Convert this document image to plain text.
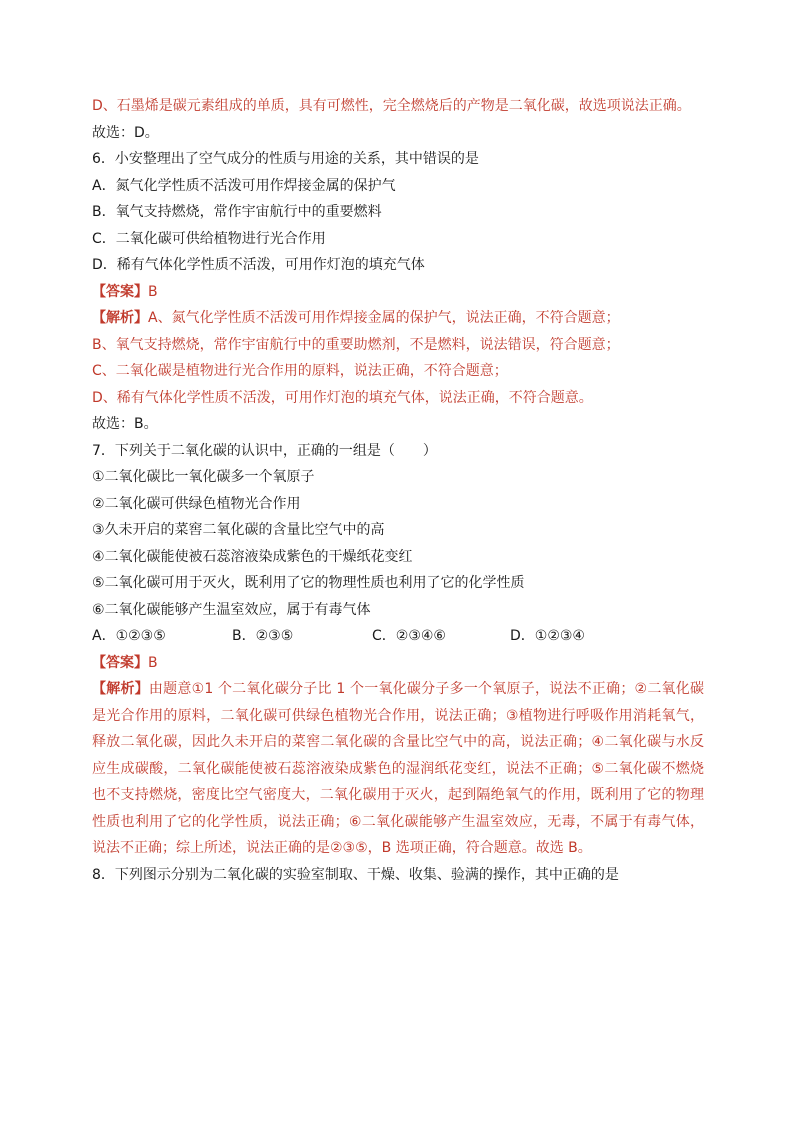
D、石墨烯是碳元素组成的单质，具有可燃性，完全燃烧后的产物是二氧化碳，故选项说法正确。
故选：D。
6．小安整理出了空气成分的性质与用途的关系，其中错误的是
A．氮气化学性质不活泼可用作焊接金属的保护气
B．氧气支持燃烧，常作宇宙航行中的重要燃料
C．二氧化碳可供给植物进行光合作用
D．稀有气体化学性质不活泼，可用作灯泡的填充气体
【答案】B
【解析】A、氮气化学性质不活泼可用作焊接金属的保护气，说法正确，不符合题意；
B、氧气支持燃烧，常作宇宙航行中的重要助燃剂，不是燃料，说法错误，符合题意；
C、二氧化碳是植物进行光合作用的原料，说法正确，不符合题意；
D、稀有气体化学性质不活泼，可用作灯泡的填充气体，说法正确，不符合题意。
故选：B。
7．下列关于二氧化碳的认识中，正确的一组是（　　）
①二氧化碳比一氧化碳多一个氧原子
②二氧化碳可供绿色植物光合作用
③久未开启的菜窖二氧化碳的含量比空气中的高
④二氧化碳能使被石蕊溶液染成紫色的干燥纸花变红
⑤二氧化碳可用于灭火，既利用了它的物理性质也利用了它的化学性质
⑥二氧化碳能够产生温室效应，属于有毒气体
A．①②③⑤	B．②③⑤	C．②③④⑥	D．①②③④
【答案】B
【解析】由题意①1 个二氧化碳分子比 1 个一氧化碳分子多一个氧原子，说法不正确；②二氧化碳是光合作用的原料，二氧化碳可供绿色植物光合作用，说法正确；③植物进行呼吸作用消耗氧气，释放二氧化碳，因此久未开启的菜窖二氧化碳的含量比空气中的高，说法正确；④二氧化碳与水反应生成碳酸，二氧化碳能使被石蕊溶液染成紫色的湿润纸花变红，说法不正确；⑤二氧化碳不燃烧也不支持燃烧，密度比空气密度大，二氧化碳用于灭火，起到隔绝氧气的作用，既利用了它的物理性质也利用了它的化学性质，说法正确；⑥二氧化碳能够产生温室效应，无毒，不属于有毒气体，说法不正确；综上所述，说法正确的是②③⑤，B 选项正确，符合题意。故选 B。
8．下列图示分别为二氧化碳的实验室制取、干燥、收集、验满的操作，其中正确的是
